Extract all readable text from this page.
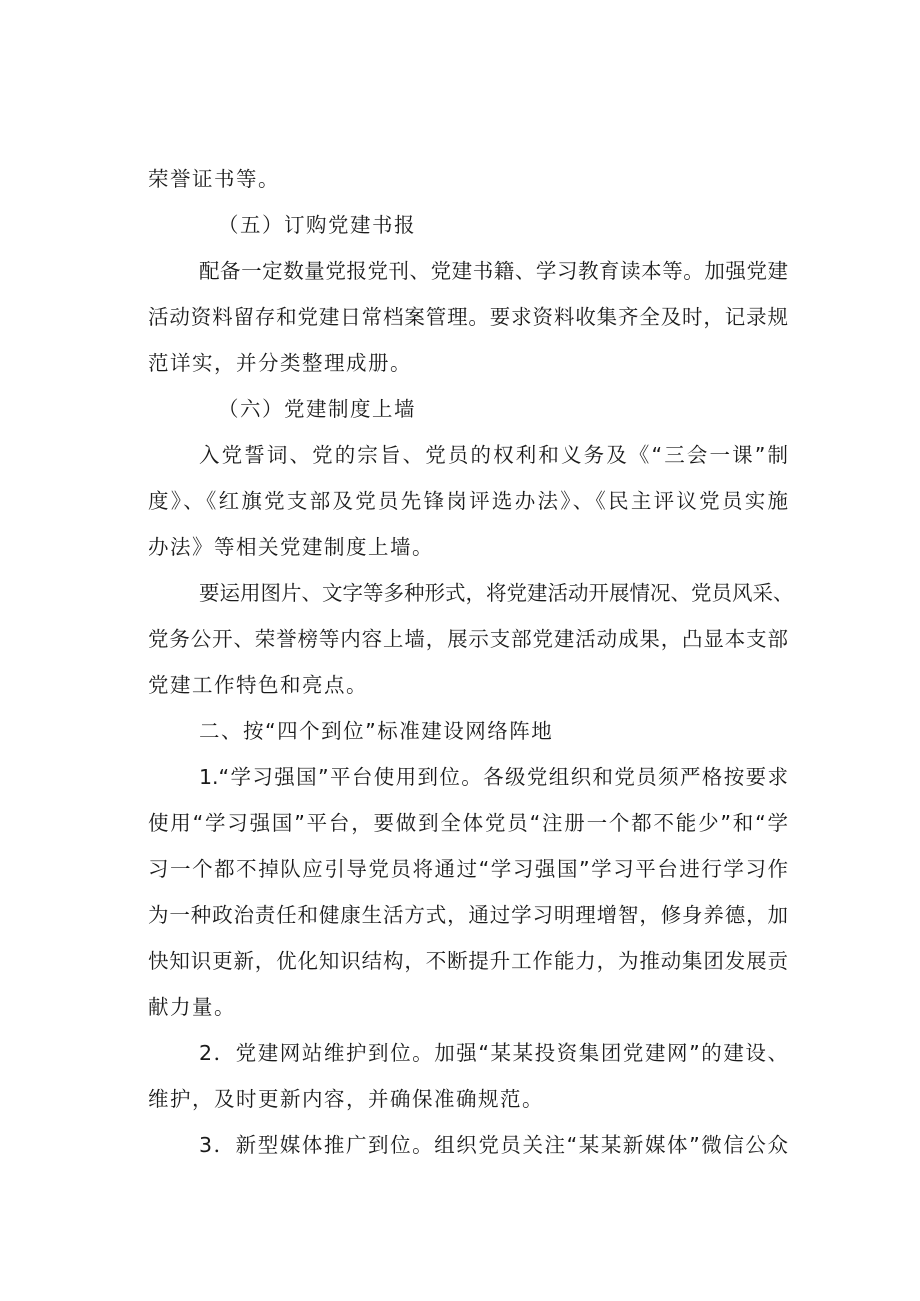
荣誉证书等。
（五）订购党建书报
配备一定数量党报党刊、党建书籍、学习教育读本等。加强党建
活动资料留存和党建日常档案管理。要求资料收集齐全及时，记录规
范详实，并分类整理成册。
（六）党建制度上墙
入党誓词、党的宗旨、党员的权利和义务及《“三会一课”制
度》、《红旗党支部及党员先锋岗评选办法》、《民主评议党员实施
办法》等相关党建制度上墙。
要运用图片、文字等多种形式，将党建活动开展情况、党员风采、
党务公开、荣誉榜等内容上墙，展示支部党建活动成果，凸显本支部
党建工作特色和亮点。
二、按“四个到位”标准建设网络阵地
1.“学习强国”平台使用到位。各级党组织和党员须严格按要求
使用“学习强国”平台，要做到全体党员“注册一个都不能少”和“学
习一个都不掉队应引导党员将通过“学习强国”学习平台进行学习作
为一种政治责任和健康生活方式，通过学习明理增智，修身养德，加
快知识更新，优化知识结构，不断提升工作能力，为推动集团发展贡
献力量。
2．党建网站维护到位。加强“某某投资集团党建网”的建设、
维护，及时更新内容，并确保准确规范。
3．新型媒体推广到位。组织党员关注“某某新媒体”微信公众
